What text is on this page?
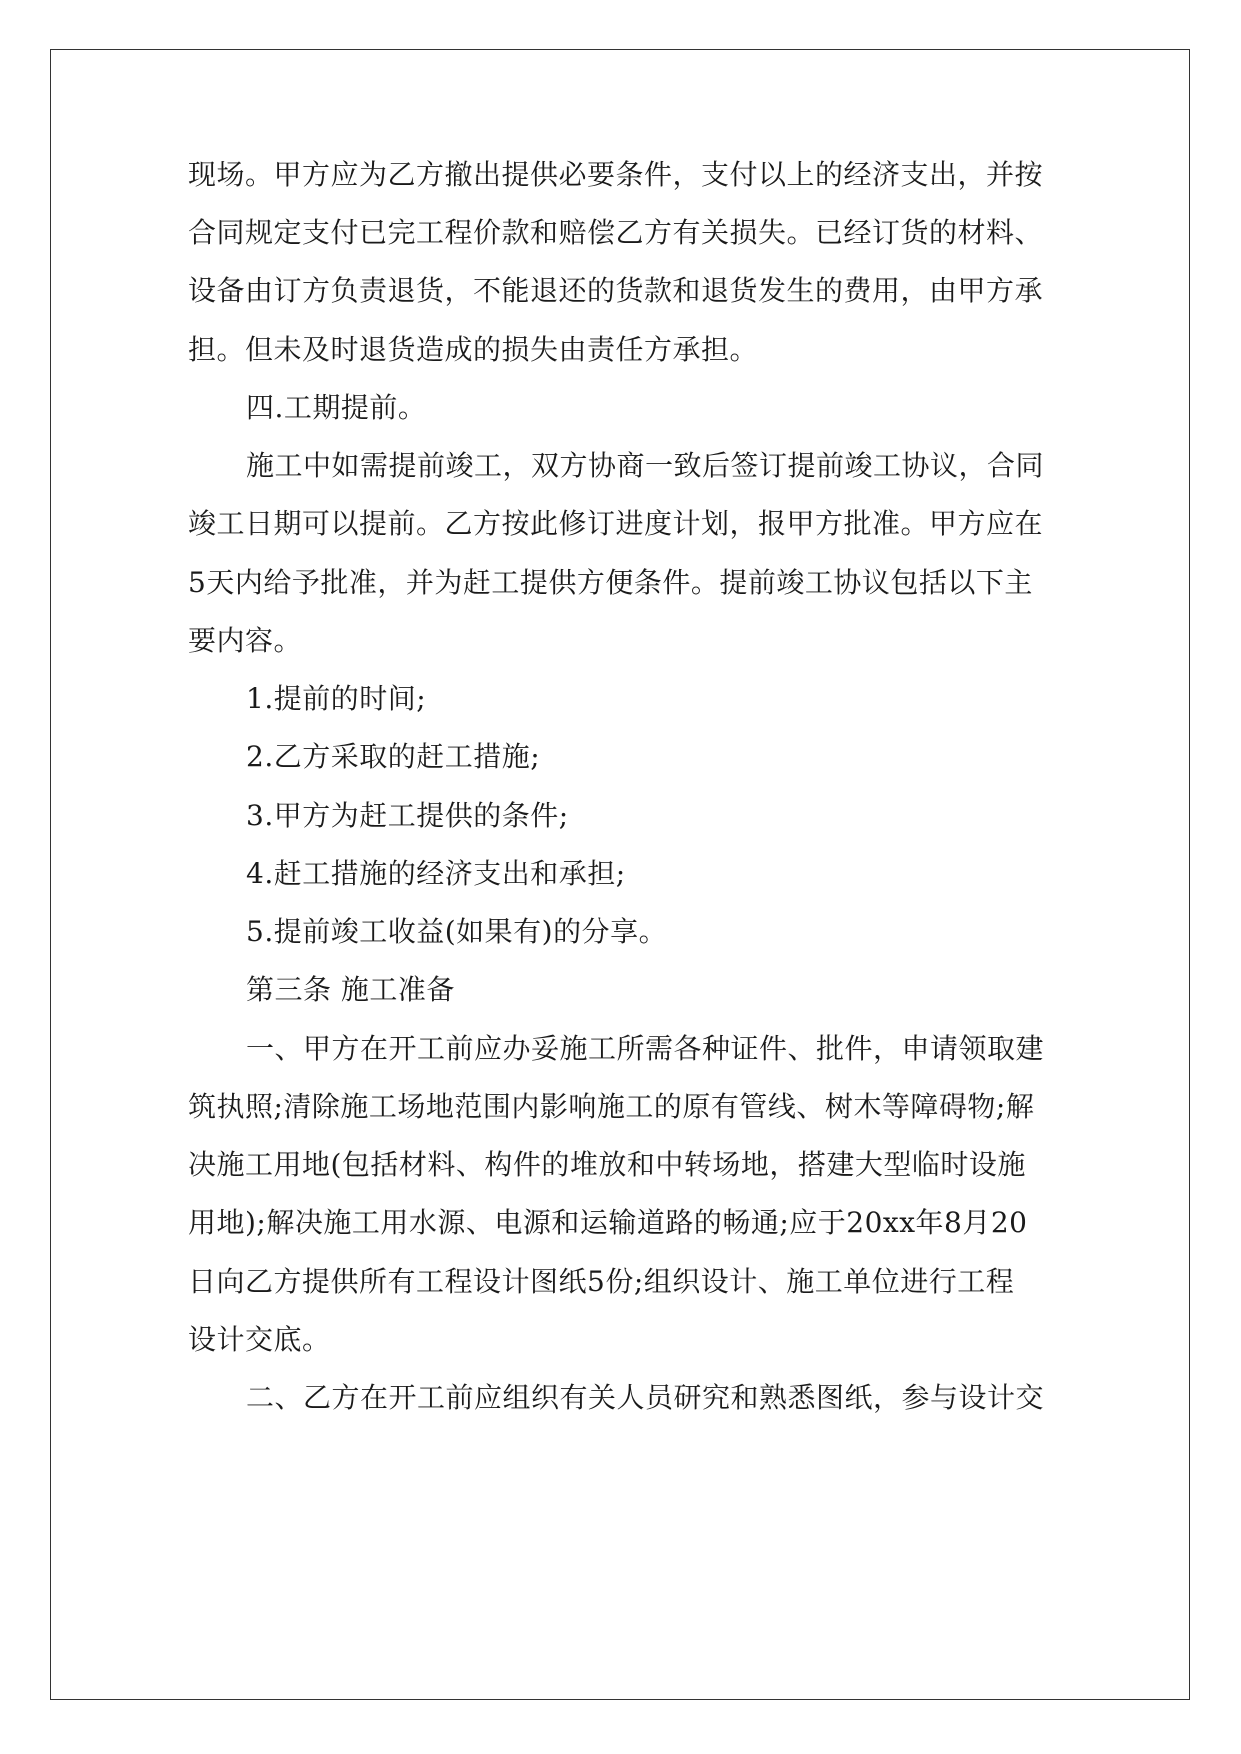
现场。甲方应为乙方撤出提供必要条件，支付以上的经济支出，并按
合同规定支付已完工程价款和赔偿乙方有关损失。已经订货的材料、
设备由订方负责退货，不能退还的货款和退货发生的费用，由甲方承
担。但未及时退货造成的损失由责任方承担。
四.工期提前。
施工中如需提前竣工，双方协商一致后签订提前竣工协议，合同
竣工日期可以提前。乙方按此修订进度计划，报甲方批准。甲方应在
5天内给予批准，并为赶工提供方便条件。提前竣工协议包括以下主
要内容。
1.提前的时间;
2.乙方采取的赶工措施;
3.甲方为赶工提供的条件;
4.赶工措施的经济支出和承担;
5.提前竣工收益(如果有)的分享。
第三条 施工准备
一、甲方在开工前应办妥施工所需各种证件、批件，申请领取建
筑执照;清除施工场地范围内影响施工的原有管线、树木等障碍物;解
决施工用地(包括材料、构件的堆放和中转场地，搭建大型临时设施
用地);解决施工用水源、电源和运输道路的畅通;应于20xx年8月20
日向乙方提供所有工程设计图纸5份;组织设计、施工单位进行工程
设计交底。
二、乙方在开工前应组织有关人员研究和熟悉图纸，参与设计交
